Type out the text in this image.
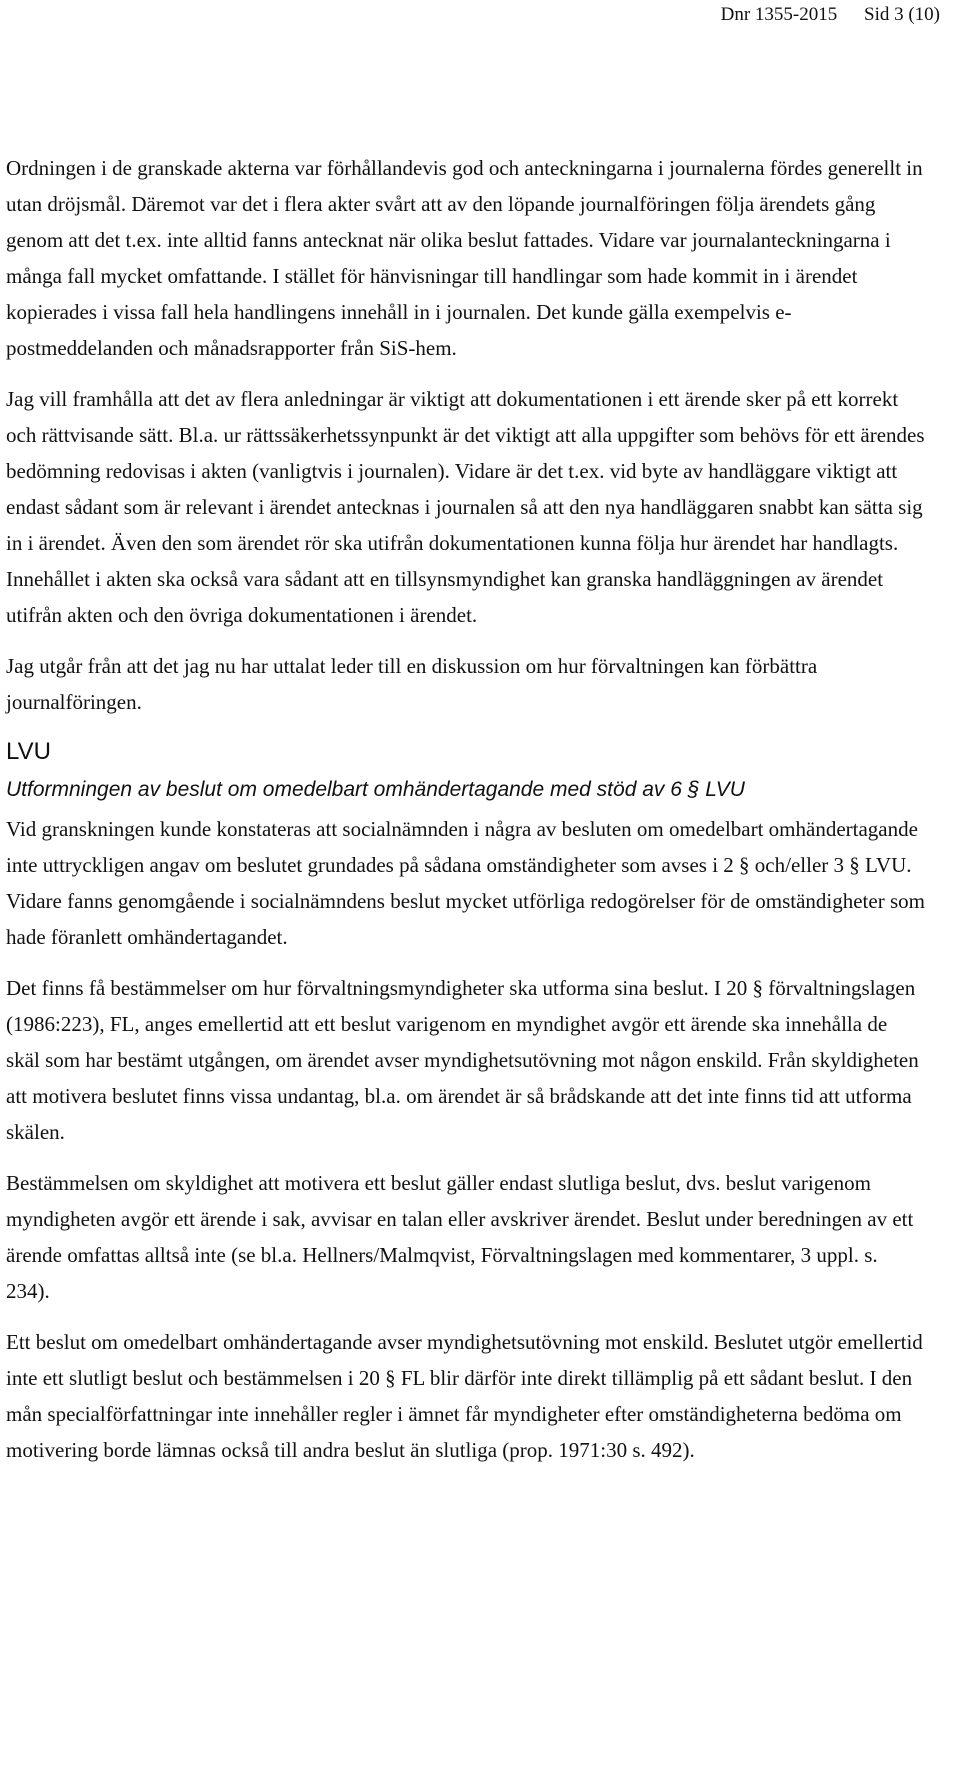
Dnr 1355-2015 Sid 3 (10)

Ordningen i de granskade akterna var förhållandevis god och anteckningarna i journalerna fördes generellt in utan dröjsmål. Däremot var det i flera akter svårt att av den löpande journalföringen följa ärendets gång genom att det t.ex. inte alltid fanns antecknat när olika beslut fattades. Vidare var journalanteckningarna i många fall mycket omfattande. I stället för hänvisningar till handlingar som hade kommit in i ärendet kopierades i vissa fall hela handlingens innehåll in i journalen. Det kunde gälla exempelvis e-postmeddelanden och månadsrapporter från SiS-hem.

Jag vill framhålla att det av flera anledningar är viktigt att dokumentationen i ett ärende sker på ett korrekt och rättvisande sätt. Bl.a. ur rättssäkerhetssynpunkt är det viktigt att alla uppgifter som behövs för ett ärendes bedömning redovisas i akten (vanligtvis i journalen). Vidare är det t.ex. vid byte av handläggare viktigt att endast sådant som är relevant i ärendet antecknas i journalen så att den nya handläggaren snabbt kan sätta sig in i ärendet. Även den som ärendet rör ska utifrån dokumentationen kunna följa hur ärendet har handlagts. Innehållet i akten ska också vara sådant att en tillsynsmyndighet kan granska handläggningen av ärendet utifrån akten och den övriga dokumentationen i ärendet.

Jag utgår från att det jag nu har uttalat leder till en diskussion om hur förvaltningen kan förbättra journalföringen.

LVU
Utformningen av beslut om omedelbart omhändertagande med stöd av 6 § LVU

Vid granskningen kunde konstateras att socialnämnden i några av besluten om omedelbart omhändertagande inte uttryckligen angav om beslutet grundades på sådana omständigheter som avses i 2 § och/eller 3 § LVU. Vidare fanns genomgående i socialnämndens beslut mycket utförliga redogörelser för de omständigheter som hade föranlett omhändertagandet.

Det finns få bestämmelser om hur förvaltningsmyndigheter ska utforma sina beslut. I 20 § förvaltningslagen (1986:223), FL, anges emellertid att ett beslut varigenom en myndighet avgör ett ärende ska innehålla de skäl som har bestämt utgången, om ärendet avser myndighetsutövning mot någon enskild. Från skyldigheten att motivera beslutet finns vissa undantag, bl.a. om ärendet är så brådskande att det inte finns tid att utforma skälen.

Bestämmelsen om skyldighet att motivera ett beslut gäller endast slutliga beslut, dvs. beslut varigenom myndigheten avgör ett ärende i sak, avvisar en talan eller avskriver ärendet. Beslut under beredningen av ett ärende omfattas alltså inte (se bl.a. Hellners/Malmqvist, Förvaltningslagen med kommentarer, 3 uppl. s. 234).

Ett beslut om omedelbart omhändertagande avser myndighetsutövning mot enskild. Beslutet utgör emellertid inte ett slutligt beslut och bestämmelsen i 20 § FL blir därför inte direkt tillämplig på ett sådant beslut. I den mån specialförfattningar inte innehåller regler i ämnet får myndigheter efter omständigheterna bedöma om motivering borde lämnas också till andra beslut än slutliga (prop. 1971:30 s. 492).
